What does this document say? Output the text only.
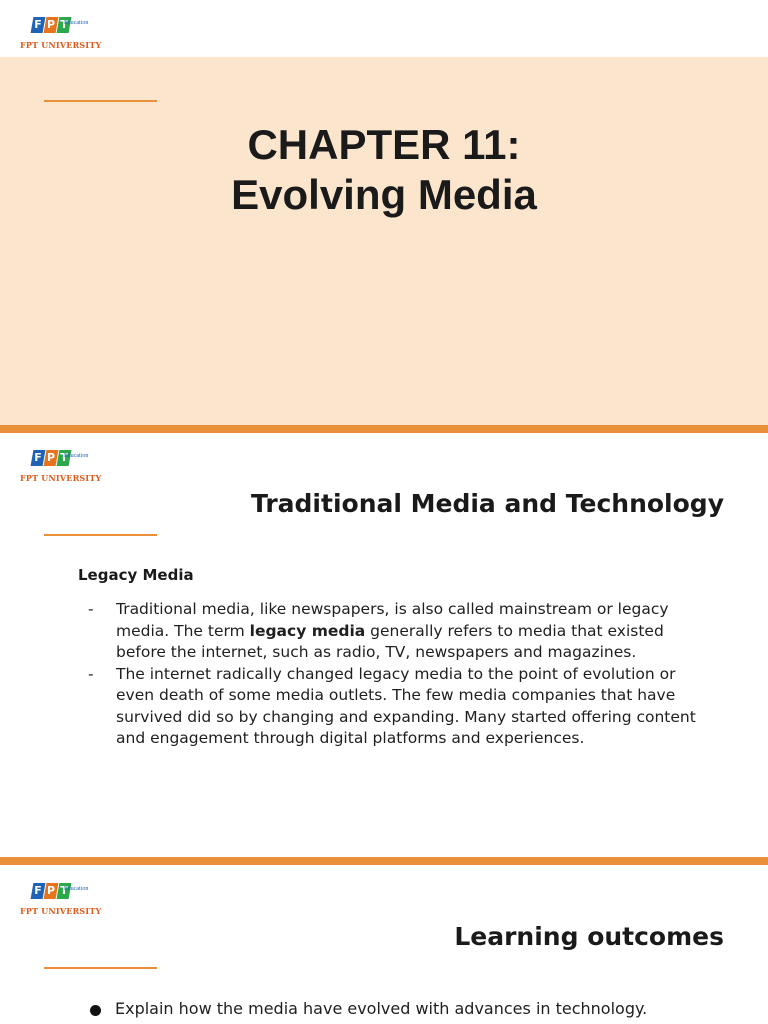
F P T
Education
FPT UNIVERSITY
CHAPTER 11:
Evolving Media
F P T
Education
FPT UNIVERSITY
Traditional Media and Technology
Legacy Media
- Traditional media, like newspapers, is also called mainstream or legacy media. The term legacy media generally refers to media that existed before the internet, such as radio, TV, newspapers and magazines.
- The internet radically changed legacy media to the point of evolution or even death of some media outlets. The few media companies that have survived did so by changing and expanding. Many started offering content and engagement through digital platforms and experiences.
F P T
Education
FPT UNIVERSITY
Learning outcomes
Explain how the media have evolved with advances in technology.
